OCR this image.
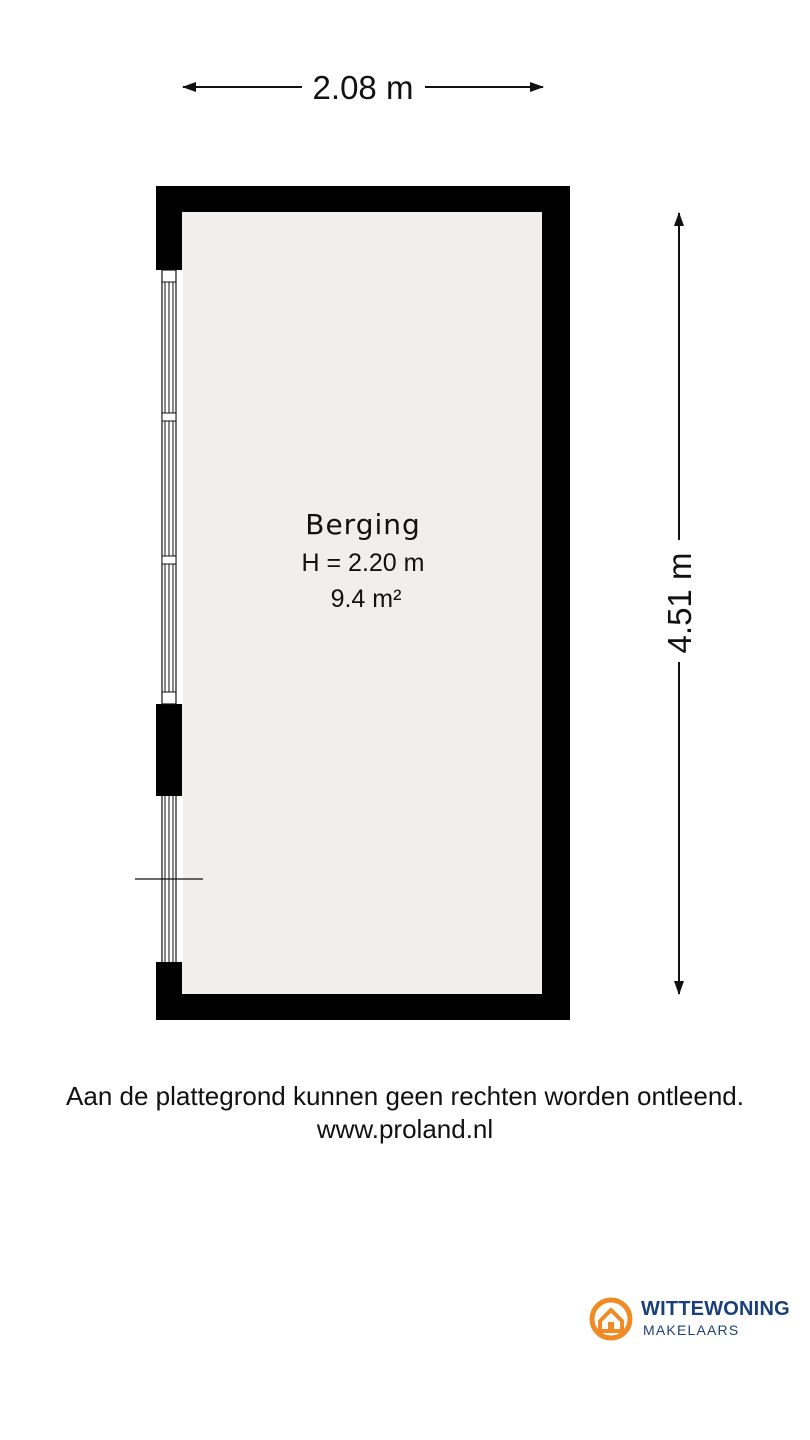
2.08 m
4.51 m
Berging
H = 2.20 m
9.4 m²
Aan de plattegrond kunnen geen rechten worden ontleend.
www.proland.nl
WITTEWONING
MAKELAARS
